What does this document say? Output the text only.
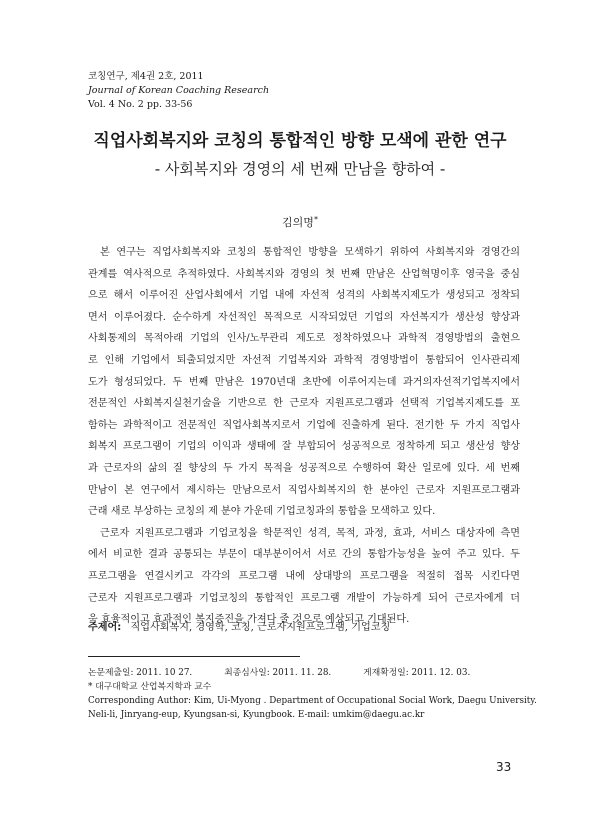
코칭연구, 제4권 2호, 2011
Journal of Korean Coaching Research
Vol. 4 No. 2 pp. 33-56
직업사회복지와 코칭의 통합적인 방향 모색에 관한 연구
- 사회복지와 경영의 세 번째 만남을 향하여 -
김의명*
본 연구는 직업사회복지와 코칭의 통합적인 방향을 모색하기 위하여 사회복지와 경영간의
관계를 역사적으로 추적하였다. 사회복지와 경영의 첫 번째 만남은 산업혁명이후 영국을 중심
으로 해서 이루어진 산업사회에서 기업 내에 자선적 성격의 사회복지제도가 생성되고 정착되
면서 이루어졌다. 순수하게 자선적인 목적으로 시작되었던 기업의 자선복지가 생산성 향상과
사회통제의 목적아래 기업의 인사/노무관리 제도로 정착하였으나 과학적 경영방법의 출현으
로 인해 기업에서 퇴출되었지만 자선적 기업복지와 과학적 경영방법이 통합되어 인사관리제
도가 형성되었다. 두 번째 만남은 1970년대 초반에 이루어지는데 과거의자선적기업복지에서
전문적인 사회복지실천기술을 기반으로 한 근로자 지원프로그램과 선택적 기업복지제도를 포
함하는 과학적이고 전문적인 직업사회복지로서 기업에 진출하게 된다. 전기한 두 가지 직업사
회복지 프로그램이 기업의 이익과 생태에 잘 부합되어 성공적으로 정착하게 되고 생산성 향상
과 근로자의 삶의 질 향상의 두 가지 목적을 성공적으로 수행하여 확산 일로에 있다. 세 번째
만남이 본 연구에서 제시하는 만남으로서 직업사회복지의 한 분야인 근로자 지원프로그램과
근래 새로 부상하는 코칭의 제 분야 가운데 기업코칭과의 통합을 모색하고 있다.
근로자 지원프로그램과 기업코칭을 학문적인 성격, 목적, 과정, 효과, 서비스 대상자에 측면
에서 비교한 결과 공통되는 부문이 대부분이어서 서로 간의 통합가능성을 높여 주고 있다. 두
프로그램을 연결시키고 각각의 프로그램 내에 상대방의 프로그램을 적절히 접목 시킨다면
근로자 지원프로그램과 기업코칭의 통합적인 프로그램 개발이 가능하게 되어 근로자에게 더
욱 효율적이고 효과적인 복지증진을 가져다 줄 것으로 예상되고 기대된다.
주제어: 직업사회복지, 경영학, 코칭, 근로자지원프로그램, 기업코칭
논문제출일: 2011. 10 27.	최종심사일: 2011. 11. 28.	게재확정일: 2011. 12. 03.
* 대구대학교 산업복지학과 교수
Corresponding Author: Kim, Ui-Myong . Department of Occupational Social Work, Daegu University.
Neli-li, Jinryang-eup, Kyungsan-si, Kyungbook. E-mail: umkim@daegu.ac.kr
33
